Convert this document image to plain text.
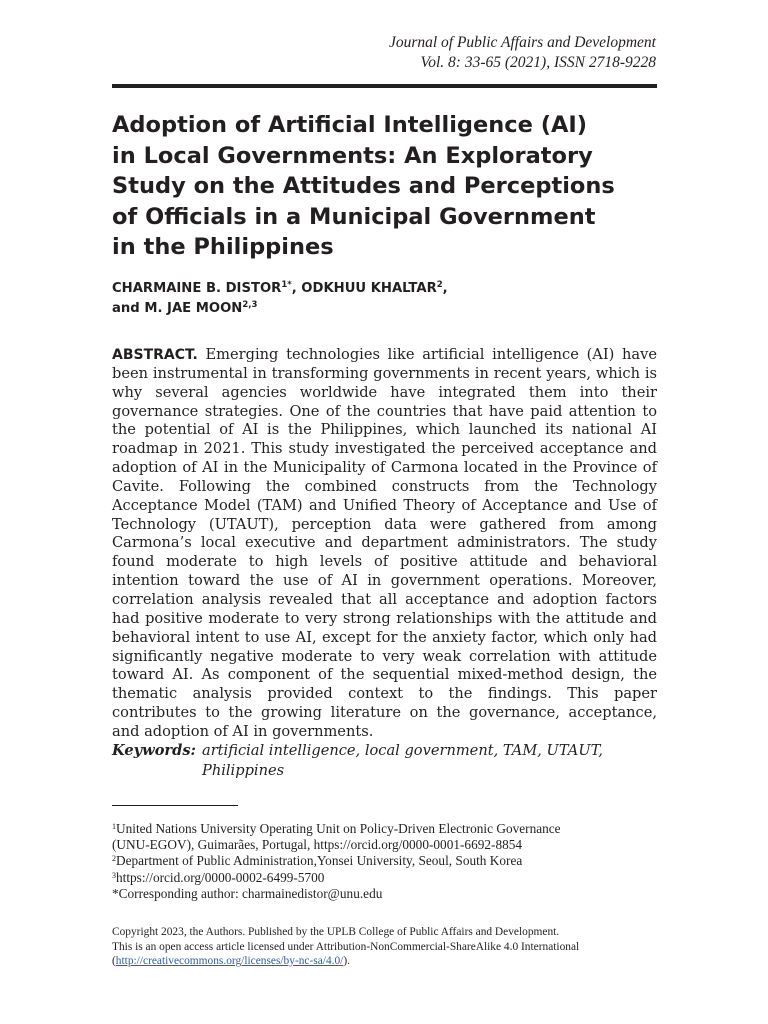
Journal of Public Affairs and Development
Vol. 8: 33-65 (2021), ISSN 2718-9228
Adoption of Artificial Intelligence (AI)
in Local Governments: An Exploratory
Study on the Attitudes and Perceptions
of Officials in a Municipal Government
in the Philippines
CHARMAINE B. $DISTOR^{1*}$, ODKHUU KHALTAR$^2$,
and M. JAE MOON$^{2,3}$

ABSTRACT. Emerging technologies like artificial intelligence (AI) have been instrumental in transforming governments in recent years, which is why several agencies worldwide have integrated them into their governance strategies. One of the countries that have paid attention to the potential of AI is the Philippines, which launched its national AI roadmap in 2021. This study investigated the perceived acceptance and adoption of AI in the Municipality of Carmona located in the Province of Cavite. Following the combined constructs from the Technology Acceptance Model (TAM) and Unified Theory of Acceptance and Use of Technology (UTAUT), perception data were gathered from among Carmona’s local executive and department administrators. The study found moderate to high levels of positive attitude and behavioral intention toward the use of AI in government operations. Moreover, correlation analysis revealed that all acceptance and adoption factors had positive moderate to very strong relationships with the attitude and behavioral intent to use AI, except for the anxiety factor, which only had significantly negative moderate to very weak correlation with attitude toward AI. As component of the sequential mixed-method design, the thematic analysis provided context to the findings. This paper contributes to the growing literature on the governance, acceptance, and adoption of AI in governments.

Keywords: artificial intelligence, local government, TAM, UTAUT,
Philippines
$^1$United Nations University Operating Unit on Policy-Driven Electronic Governance
(UNU-EGOV), Guimarães, Portugal, https://orcid.org/0000-0001-6692-8854
$^2$Department of Public Administration,Yonsei University, Seoul, South Korea
$^3$https://orcid.org/0000-0002-6499-5700
*Corresponding author: charmainedistor@unu.edu
Copyright 2023, the Authors. Published by the UPLB College of Public Affairs and Development.
This is an open access article licensed under Attribution-NonCommercial-ShareAlike 4.0 International
(http://creativecommons.org/licenses/by-nc-sa/4.0/).
